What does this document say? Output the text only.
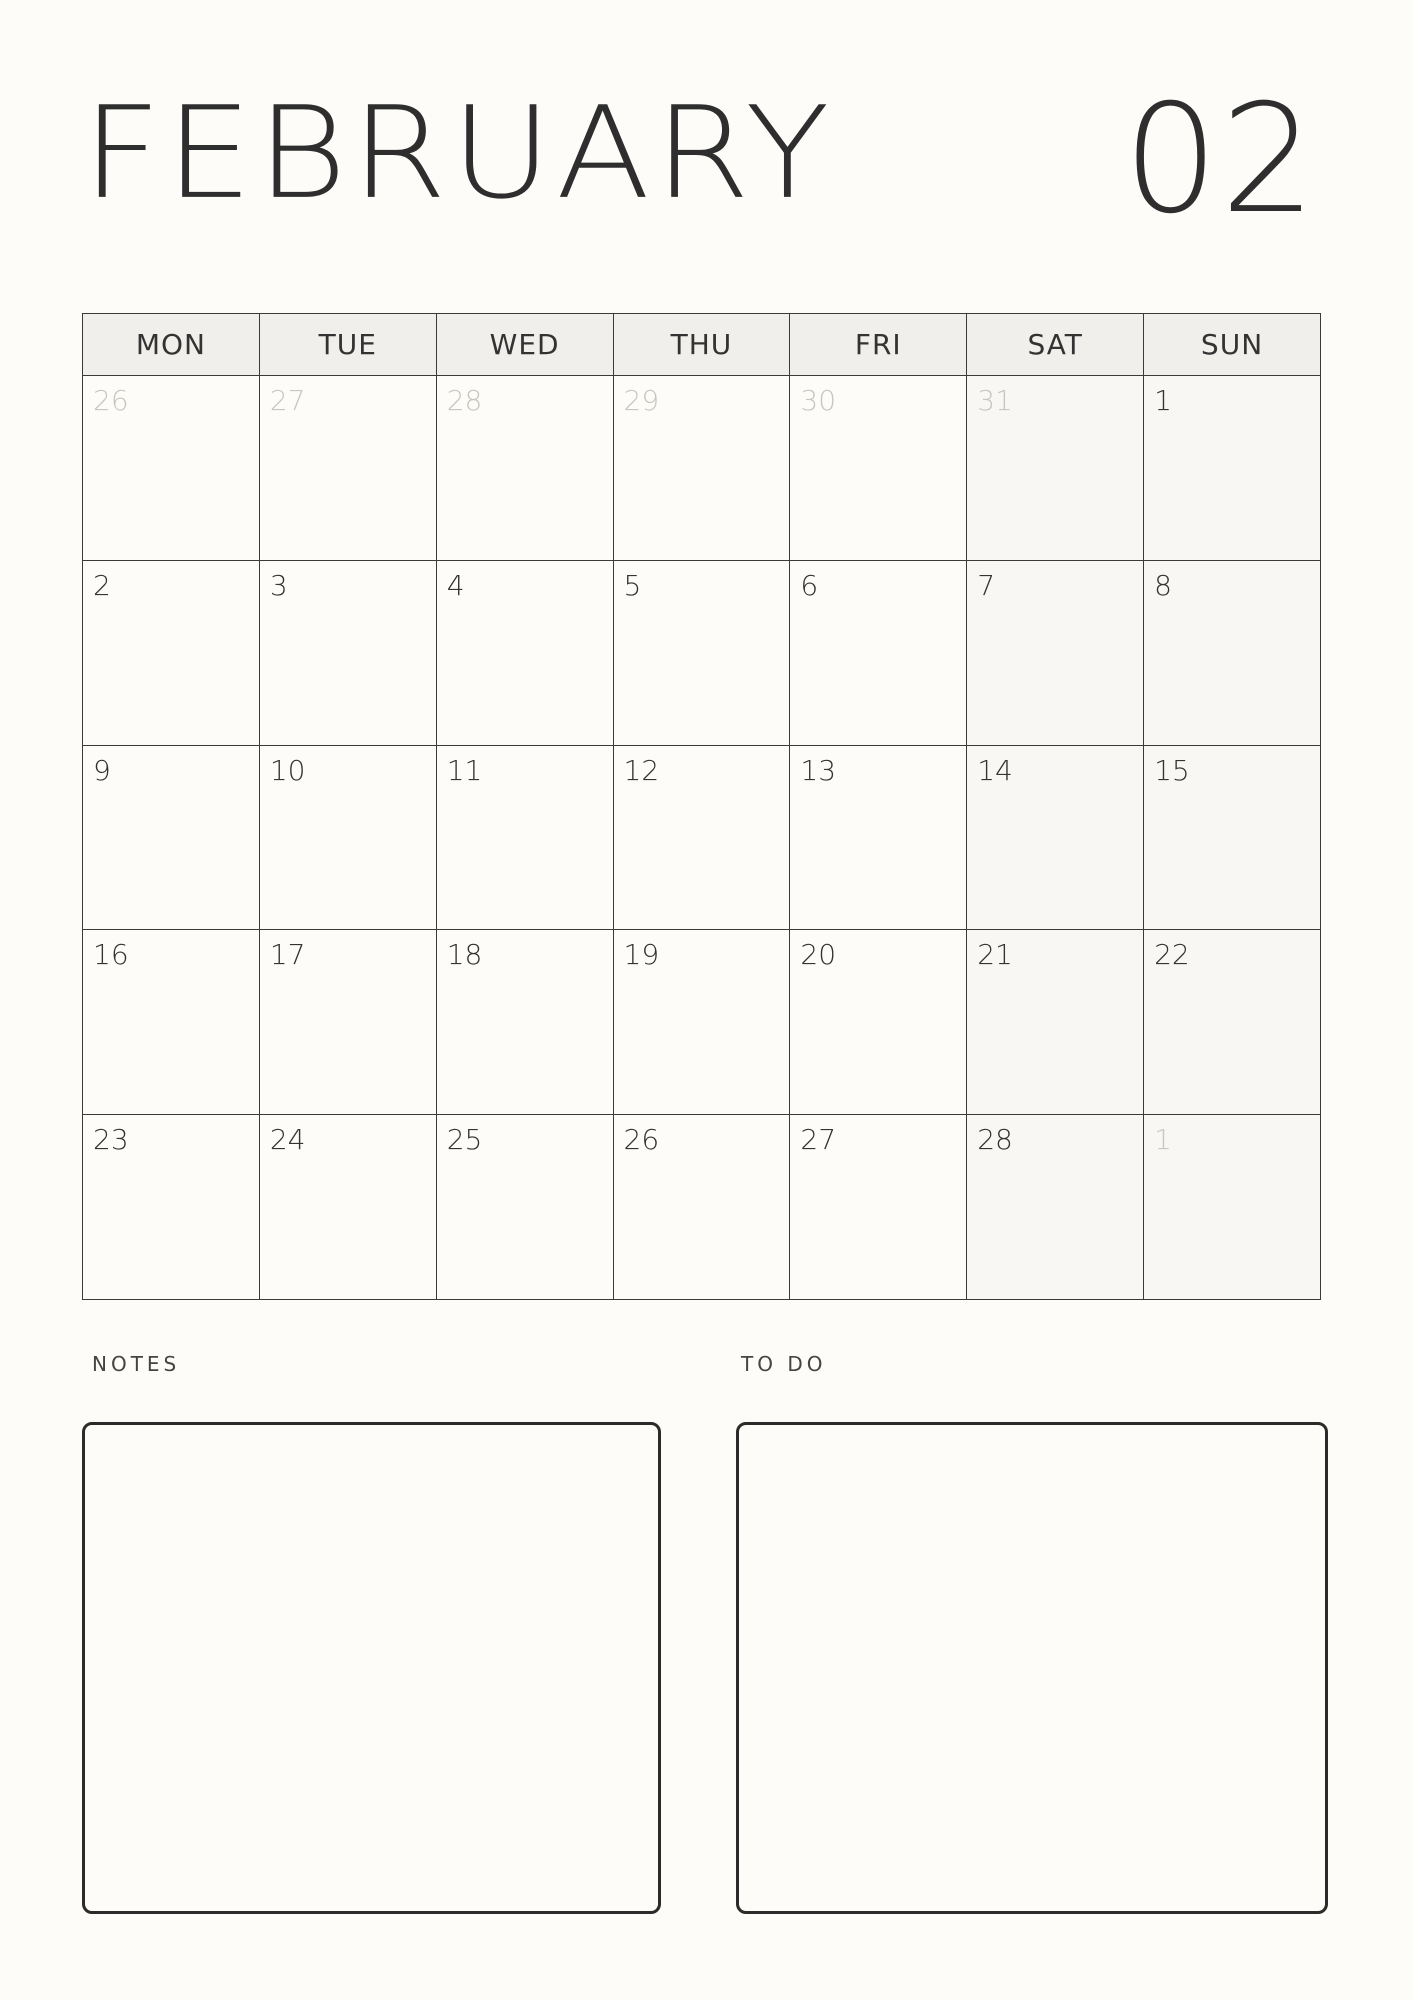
FEBRUARY 02
MON	TUE	WED	THU	FRI	SAT	SUN

26	27	28	29	30	31	1

2	3	4	5	6	7	8

9	10	11	12	13	14	15

16	17	18	19	20	21	22

23	24	25	26	27	28	1
NOTES	TO DO
